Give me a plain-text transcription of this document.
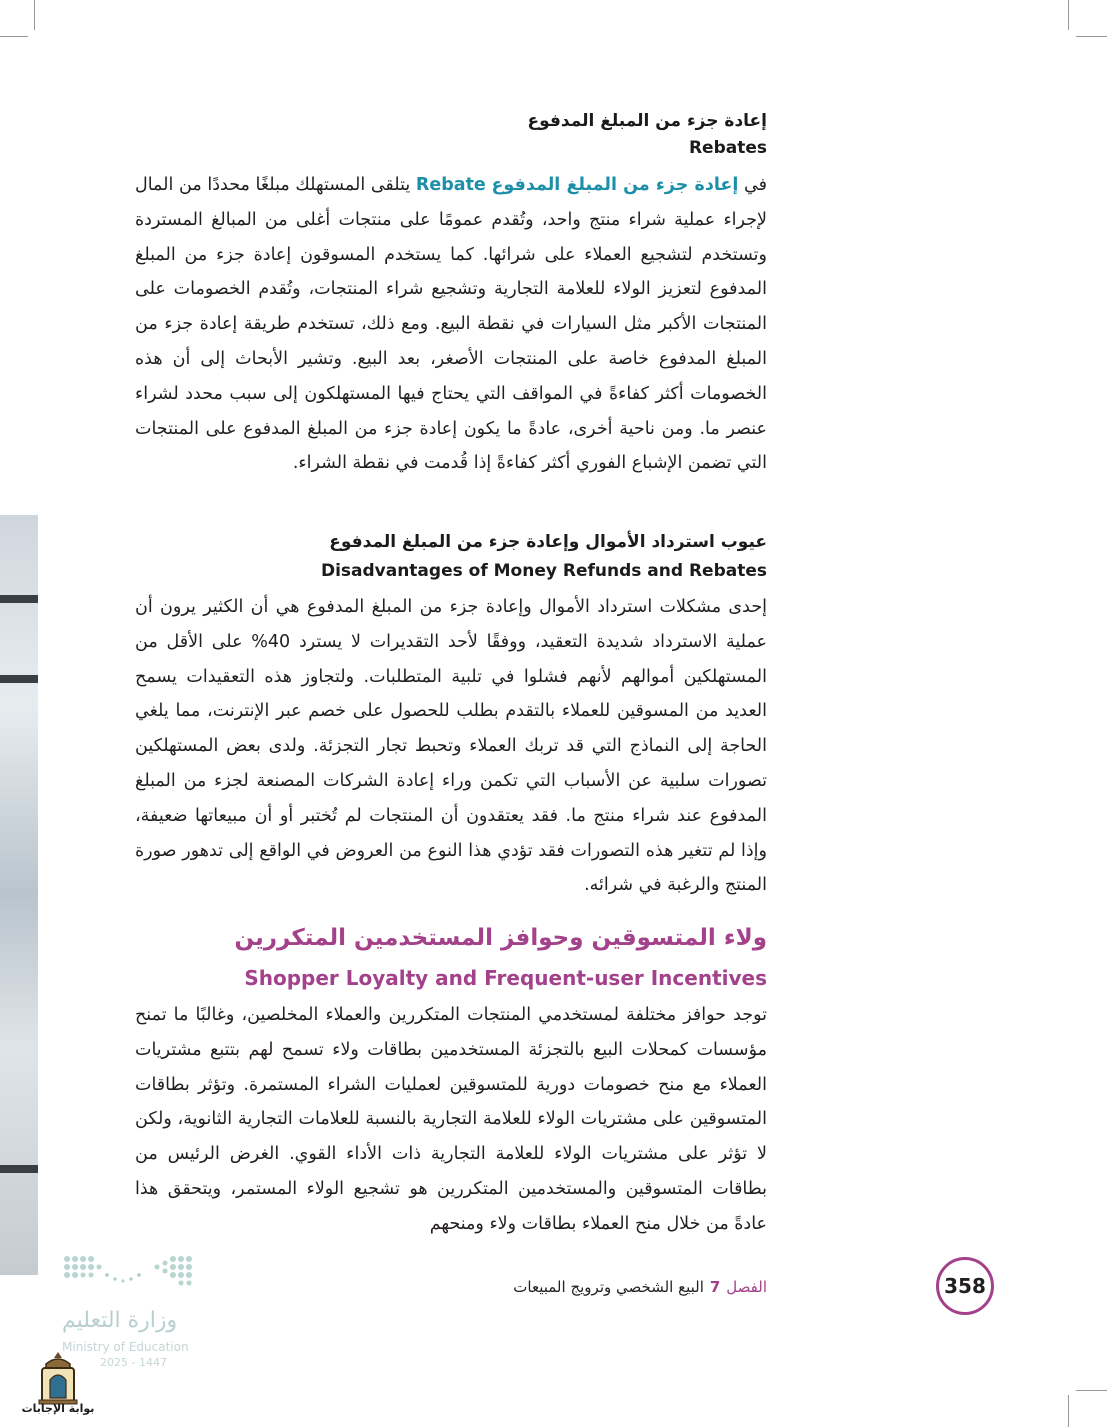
إعادة جزء من المبلغ المدفوع
Rebates

في إعادة جزء من المبلغ المدفوع Rebate يتلقى المستهلك مبلغًا محددًا من المال لإجراء عملية شراء منتج واحد، وتُقدم عمومًا على منتجات أغلى من المبالغ المستردة وتستخدم لتشجيع العملاء على شرائها. كما يستخدم المسوقون إعادة جزء من المبلغ المدفوع لتعزيز الولاء للعلامة التجارية وتشجيع شراء المنتجات، وتُقدم الخصومات على المنتجات الأكبر مثل السيارات في نقطة البيع. ومع ذلك، تستخدم طريقة إعادة جزء من المبلغ المدفوع خاصة على المنتجات الأصغر، بعد البيع. وتشير الأبحاث إلى أن هذه الخصومات أكثر كفاءةً في المواقف التي يحتاج فيها المستهلكون إلى سبب محدد لشراء عنصر ما. ومن ناحية أخرى، عادةً ما يكون إعادة جزء من المبلغ المدفوع على المنتجات التي تضمن الإشباع الفوري أكثر كفاءةً إذا قُدمت في نقطة الشراء.

عيوب استرداد الأموال وإعادة جزء من المبلغ المدفوع
Disadvantages of Money Refunds and Rebates

إحدى مشكلات استرداد الأموال وإعادة جزء من المبلغ المدفوع هي أن الكثير يرون أن عملية الاسترداد شديدة التعقيد، ووفقًا لأحد التقديرات لا يسترد 40% على الأقل من المستهلكين أموالهم لأنهم فشلوا في تلبية المتطلبات. ولتجاوز هذه التعقيدات يسمح العديد من المسوقين للعملاء بالتقدم بطلب للحصول على خصم عبر الإنترنت، مما يلغي الحاجة إلى النماذج التي قد تربك العملاء وتحبط تجار التجزئة. ولدى بعض المستهلكين تصورات سلبية عن الأسباب التي تكمن وراء إعادة الشركات المصنعة لجزء من المبلغ المدفوع عند شراء منتج ما. فقد يعتقدون أن المنتجات لم تُختبر أو أن مبيعاتها ضعيفة، وإذا لم تتغير هذه التصورات فقد تؤدي هذا النوع من العروض في الواقع إلى تدهور صورة المنتج والرغبة في شرائه.

ولاء المتسوقين وحوافز المستخدمين المتكررين
Shopper Loyalty and Frequent-user Incentives

توجد حوافز مختلفة لمستخدمي المنتجات المتكررين والعملاء المخلصين، وغالبًا ما تمنح مؤسسات كمحلات البيع بالتجزئة المستخدمين بطاقات ولاء تسمح لهم بتتبع مشتريات العملاء مع منح خصومات دورية للمتسوقين لعمليات الشراء المستمرة. وتؤثر بطاقات المتسوقين على مشتريات الولاء للعلامة التجارية بالنسبة للعلامات التجارية الثانوية، ولكن لا تؤثر على مشتريات الولاء للعلامة التجارية ذات الأداء القوي. الغرض الرئيس من بطاقات المتسوقين والمستخدمين المتكررين هو تشجيع الولاء المستمر، ويتحقق هذا عادةً من خلال منح العملاء بطاقات ولاء ومنحهم

الفصل7البيع الشخصي وترويج المبيعات	358
وزارة التعليم
Ministry of Education
2025 - 1447
بوابة الإجابات
